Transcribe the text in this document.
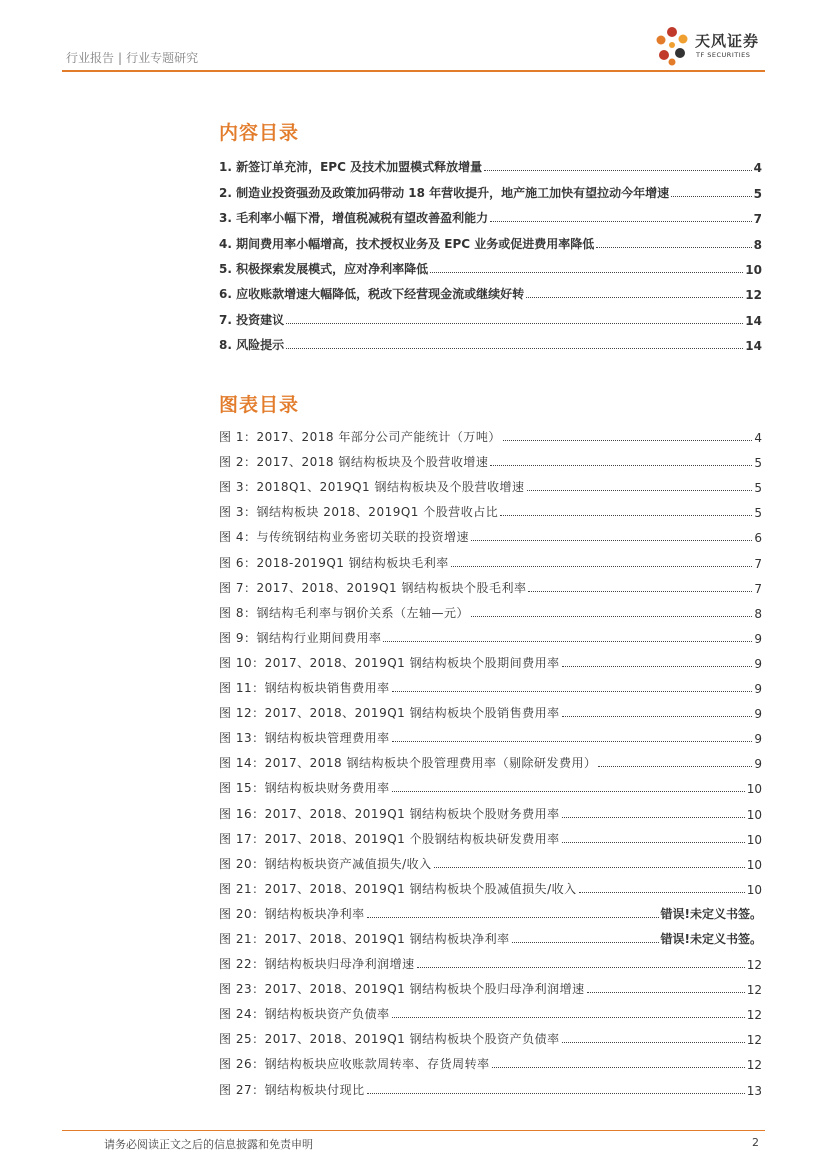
行业报告 | 行业专题研究
天风证券
TF SECURITIES
内容目录
1. 新签订单充沛，EPC 及技术加盟模式释放增量	4
2. 制造业投资强劲及政策加码带动 18 年营收提升，地产施工加快有望拉动今年增速	5
3. 毛利率小幅下滑，增值税减税有望改善盈利能力	7
4. 期间费用率小幅增高，技术授权业务及 EPC 业务或促进费用率降低	8
5. 积极探索发展模式，应对净利率降低	10
6. 应收账款增速大幅降低，税改下经营现金流或继续好转	12
7. 投资建议	14
8. 风险提示	14
图表目录
图 1：2017、2018 年部分公司产能统计（万吨）	4
图 2：2017、2018 钢结构板块及个股营收增速	5
图 3：2018Q1、2019Q1 钢结构板块及个股营收增速	5
图 3：钢结构板块 2018、2019Q1 个股营收占比	5
图 4：与传统钢结构业务密切关联的投资增速	6
图 6：2018-2019Q1 钢结构板块毛利率	7
图 7：2017、2018、2019Q1 钢结构板块个股毛利率	7
图 8：钢结构毛利率与钢价关系（左轴—元）	8
图 9：钢结构行业期间费用率	9
图 10：2017、2018、2019Q1 钢结构板块个股期间费用率	9
图 11：钢结构板块销售费用率	9
图 12：2017、2018、2019Q1 钢结构板块个股销售费用率	9
图 13：钢结构板块管理费用率	9
图 14：2017、2018 钢结构板块个股管理费用率（剔除研发费用）	9
图 15：钢结构板块财务费用率	10
图 16：2017、2018、2019Q1 钢结构板块个股财务费用率	10
图 17：2017、2018、2019Q1 个股钢结构板块研发费用率	10
图 20：钢结构板块资产减值损失/收入	10
图 21：2017、2018、2019Q1 钢结构板块个股减值损失/收入	10
图 20：钢结构板块净利率	错误!未定义书签。
图 21：2017、2018、2019Q1 钢结构板块净利率	错误!未定义书签。
图 22：钢结构板块归母净利润增速	12
图 23：2017、2018、2019Q1 钢结构板块个股归母净利润增速	12
图 24：钢结构板块资产负债率	12
图 25：2017、2018、2019Q1 钢结构板块个股资产负债率	12
图 26：钢结构板块应收账款周转率、存货周转率	12
图 27：钢结构板块付现比	13
请务必阅读正文之后的信息披露和免责申明	2
